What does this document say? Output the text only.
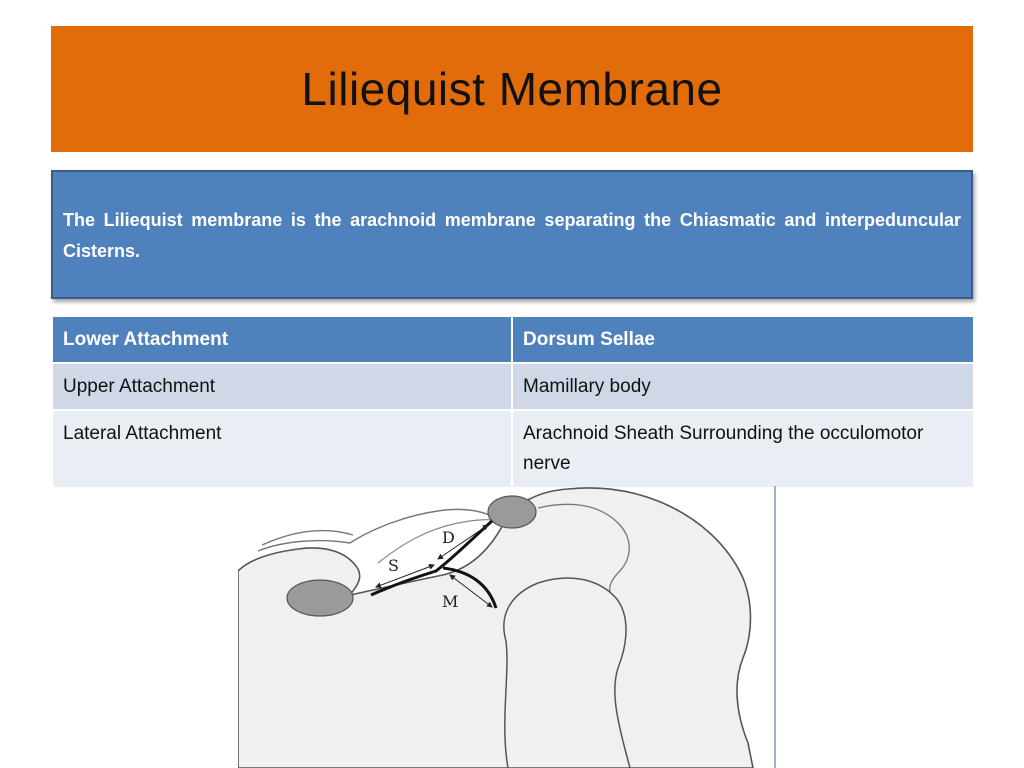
Liliequist Membrane

The Liliequist membrane is the arachnoid membrane separating the Chiasmatic and interpeduncular Cisterns.

Lower Attachment	Dorsum Sellae
Upper Attachment	Mamillary body
Lateral Attachment	Arachnoid Sheath Surrounding the occulomotor nerve
D
S
M
